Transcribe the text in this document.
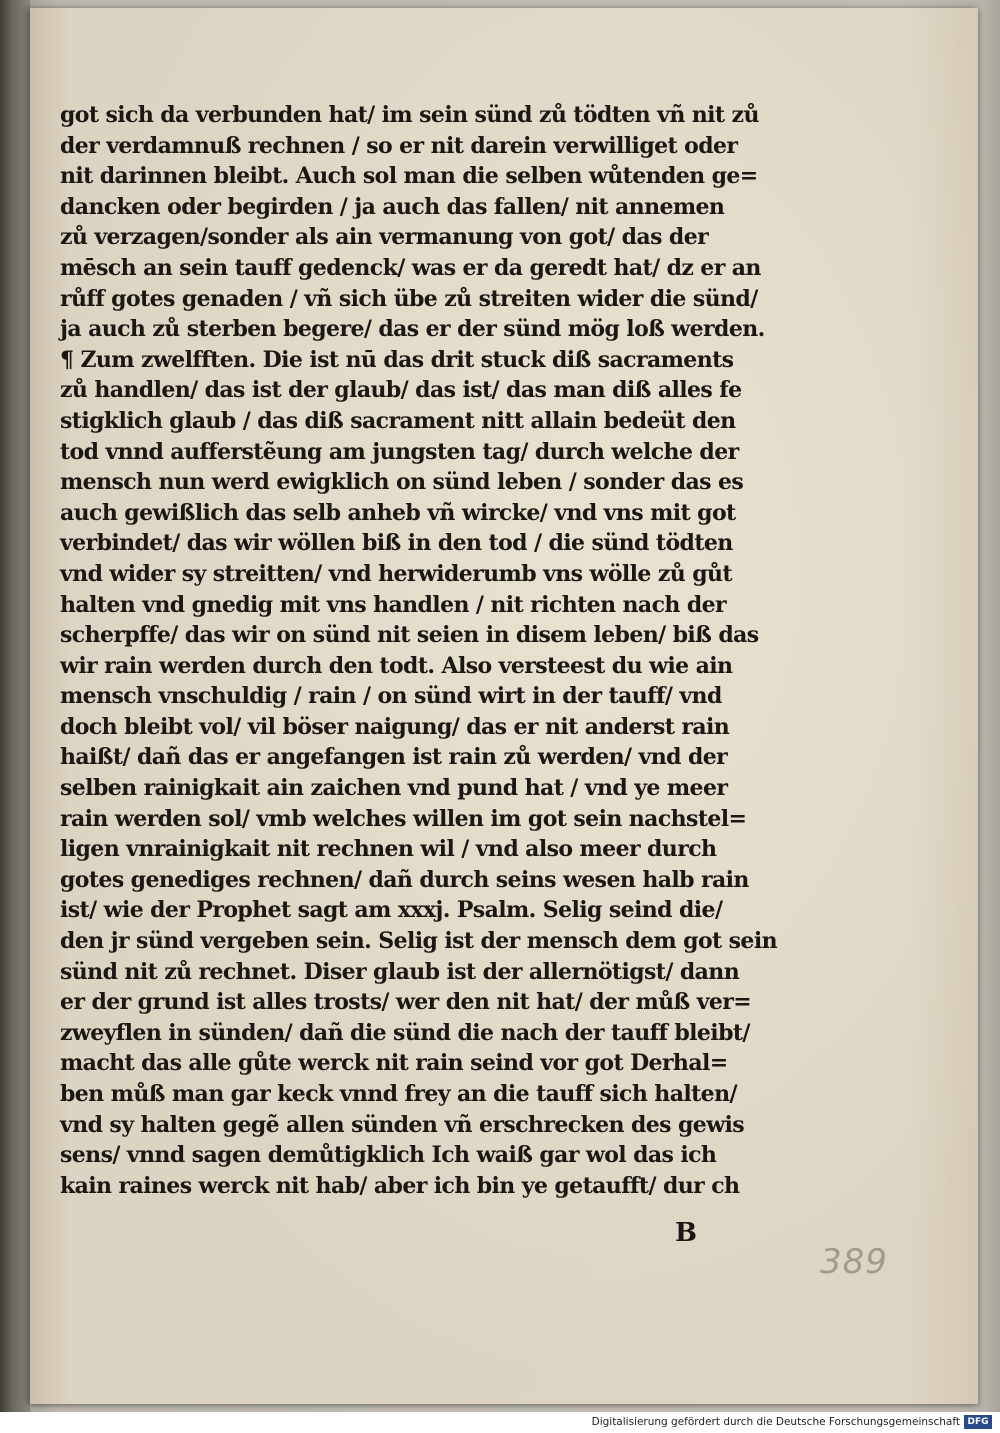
got sich da verbunden hat/ im sein sünd zů tödten vñ nit zů
der verdamnuß rechnen / so er nit darein verwilliget oder
nit darinnen bleibt. Auch sol man die selben wůtenden ge=
dancken oder begirden / ja auch das fallen/ nit annemen
zů verzagen/sonder als ain vermanung von got/ das der
mēsch an sein tauff gedenck/ was er da geredt hat/ dz er an
růff gotes genaden / vñ sich übe zů streiten wider die sünd/
ja auch zů sterben begere/ das er der sünd mög loß werden.
¶ Zum zwelfften. Die ist nū das drit stuck diß sacraments
zů handlen/ das ist der glaub/ das ist/ das man diß alles fe
stigklich glaub / das diß sacrament nitt allain bedeüt den
tod vnnd aufferstẽung am jungsten tag/ durch welche der
mensch nun werd ewigklich on sünd leben / sonder das es
auch gewißlich das selb anheb vñ wircke/ vnd vns mit got
verbindet/ das wir wöllen biß in den tod / die sünd tödten
vnd wider sy streitten/ vnd herwiderumb vns wölle zů gůt
halten vnd gnedig mit vns handlen / nit richten nach der
scherpffe/ das wir on sünd nit seien in disem leben/ biß das
wir rain werden durch den todt. Also versteest du wie ain
mensch vnschuldig / rain / on sünd wirt in der tauff/ vnd
doch bleibt vol/ vil böser naigung/ das er nit anderst rain
haißt/ dañ das er angefangen ist rain zů werden/ vnd der
selben rainigkait ain zaichen vnd pund hat / vnd ye meer
rain werden sol/ vmb welches willen im got sein nachstel=
ligen vnrainigkait nit rechnen wil / vnd also meer durch
gotes genediges rechnen/ dañ durch seins wesen halb rain
ist/ wie der Prophet sagt am xxxj. Psalm. Selig seind die/
den jr sünd vergeben sein. Selig ist der mensch dem got sein
sünd nit zů rechnet. Diser glaub ist der allernötigst/ dann
er der grund ist alles trosts/ wer den nit hat/ der můß ver=
zweyflen in sünden/ dañ die sünd die nach der tauff bleibt/
macht das alle gůte werck nit rain seind vor got Derhal=
ben můß man gar keck vnnd frey an die tauff sich halten/
vnd sy halten gegẽ allen sünden vñ erschrecken des gewis
sens/ vnnd sagen demůtigklich Ich waiß gar wol das ich
kain raines werck nit hab/ aber ich bin ye getaufft/ dur ch
B
389
Digitalisierung gefördert durch die Deutsche Forschungsgemeinschaft DFG
